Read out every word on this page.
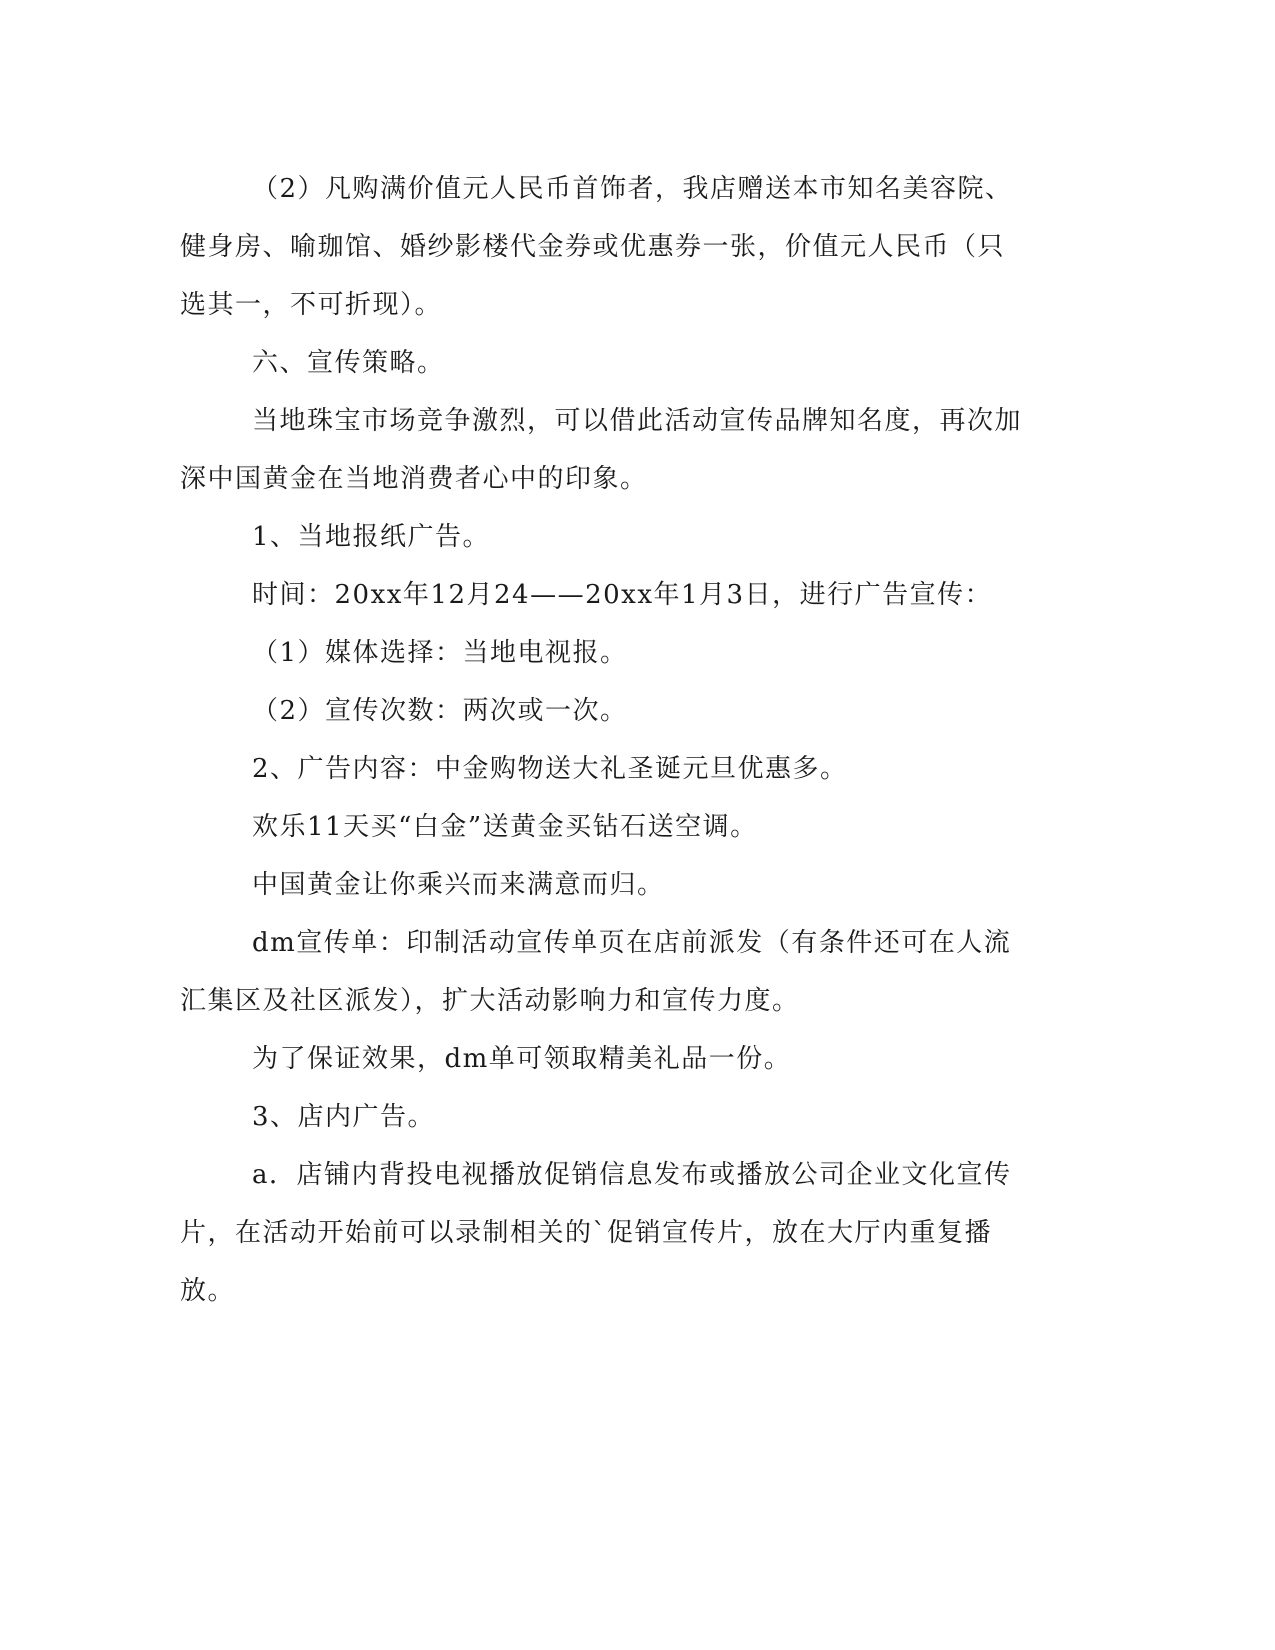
（2）凡购满价值元人民币首饰者，我店赠送本市知名美容院、健身房、喻珈馆、婚纱影楼代金券或优惠券一张，价值元人民币（只选其一，不可折现）。

六、宣传策略。

当地珠宝市场竞争激烈，可以借此活动宣传品牌知名度，再次加深中国黄金在当地消费者心中的印象。

1、当地报纸广告。

时间：20xx年12月24——20xx年1月3日，进行广告宣传：

（1）媒体选择：当地电视报。

（2）宣传次数：两次或一次。

2、广告内容：中金购物送大礼圣诞元旦优惠多。

欢乐11天买“白金”送黄金买钻石送空调。

中国黄金让你乘兴而来满意而归。

dm宣传单：印制活动宣传单页在店前派发（有条件还可在人流汇集区及社区派发），扩大活动影响力和宣传力度。

为了保证效果，dm单可领取精美礼品一份。

3、店内广告。

a．店铺内背投电视播放促销信息发布或播放公司企业文化宣传片，在活动开始前可以录制相关的`促销宣传片，放在大厅内重复播放。
